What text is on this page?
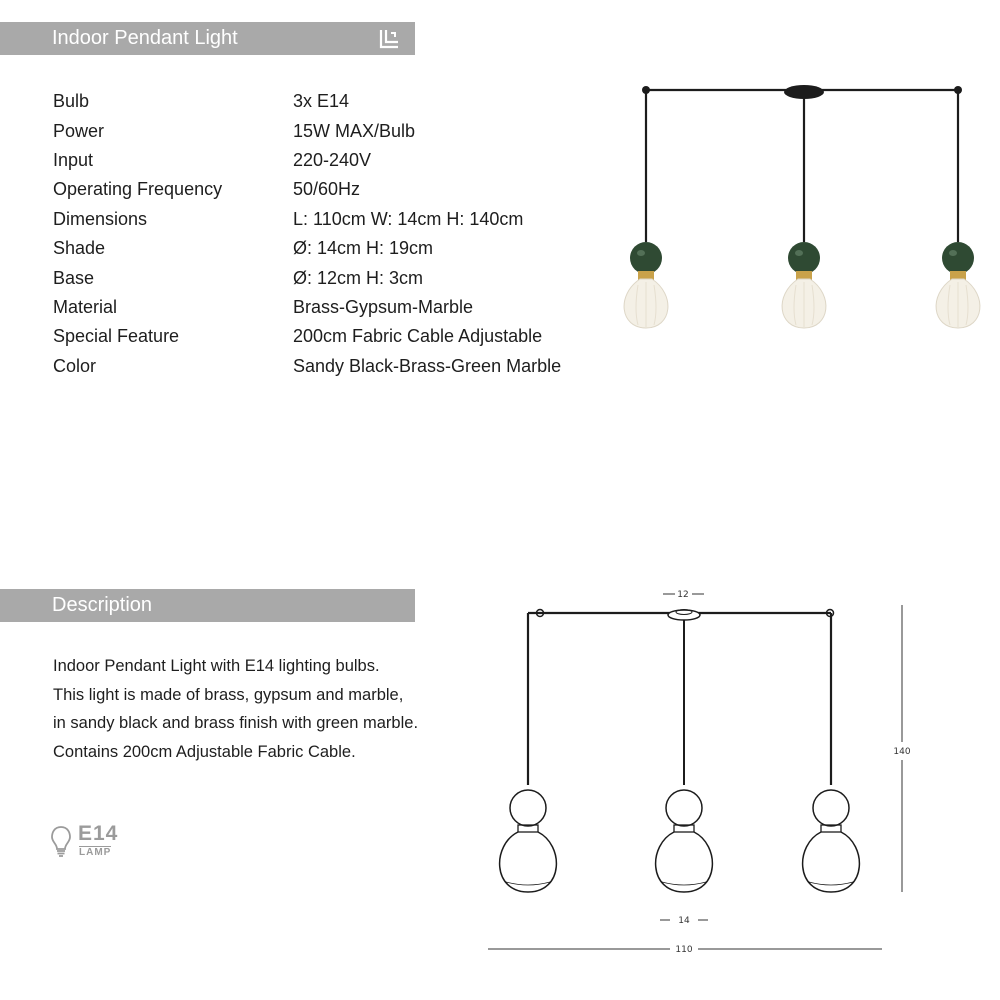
Indoor Pendant Light
Bulb	3x E14
Power	15W MAX/Bulb
Input	220-240V
Operating Frequency	50/60Hz
Dimensions	L: 110cm W: 14cm H: 140cm
Shade	Ø: 14cm H: 19cm
Base	Ø: 12cm H: 3cm
Material	Brass-Gypsum-Marble
Special Feature	200cm Fabric Cable Adjustable
Color	Sandy Black-Brass-Green Marble
Description
Indoor Pendant Light with E14 lighting bulbs.
This light is made of brass, gypsum and marble,
in sandy black and brass finish with green marble.
Contains 200cm Adjustable Fabric Cable.
E14
LAMP
12
140
14
110
